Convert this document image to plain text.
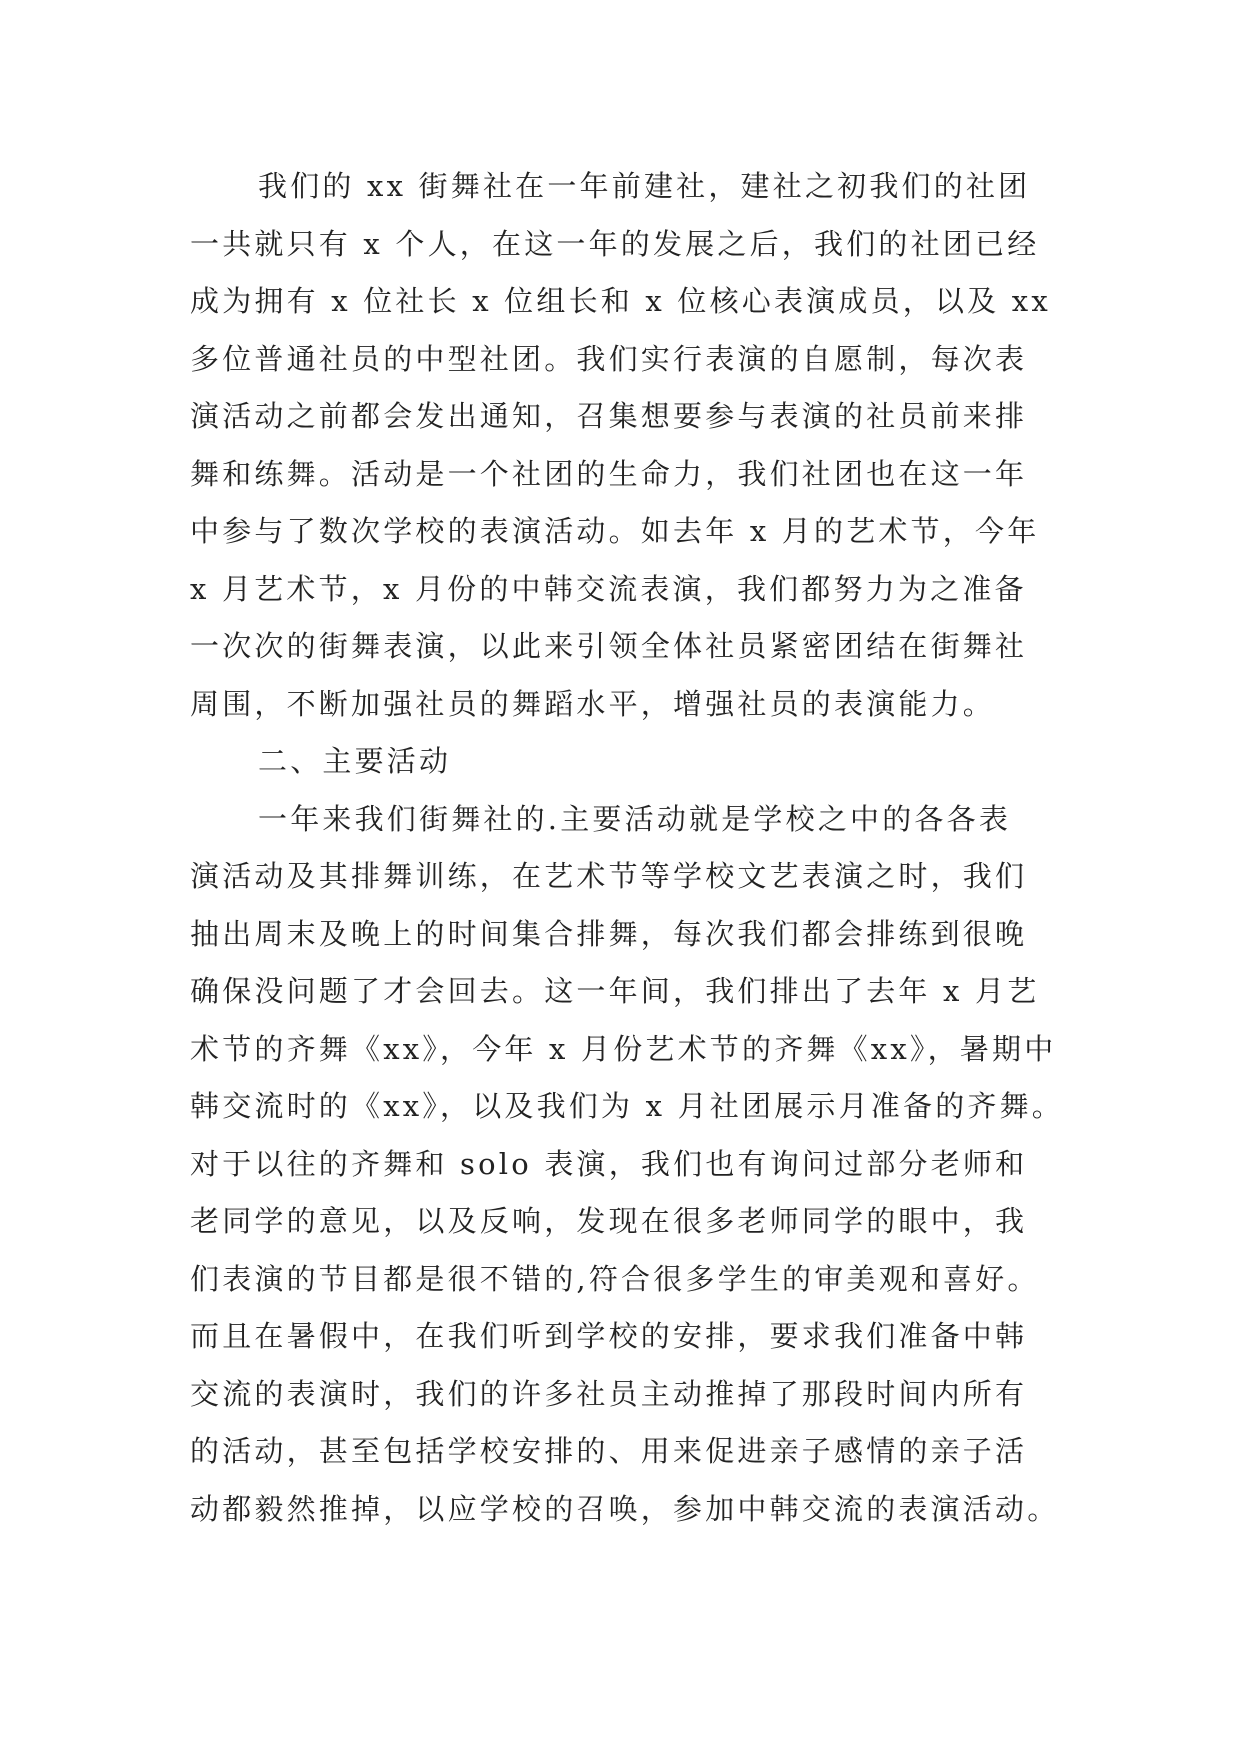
我们的 xx 街舞社在一年前建社，建社之初我们的社团
一共就只有 x 个人，在这一年的发展之后，我们的社团已经
成为拥有 x 位社长 x 位组长和 x 位核心表演成员，以及 xx
多位普通社员的中型社团。我们实行表演的自愿制，每次表
演活动之前都会发出通知，召集想要参与表演的社员前来排
舞和练舞。活动是一个社团的生命力，我们社团也在这一年
中参与了数次学校的表演活动。如去年 x 月的艺术节，今年
x 月艺术节，x 月份的中韩交流表演，我们都努力为之准备
一次次的街舞表演，以此来引领全体社员紧密团结在街舞社
周围，不断加强社员的舞蹈水平，增强社员的表演能力。
二、主要活动
一年来我们街舞社的.主要活动就是学校之中的各各表
演活动及其排舞训练，在艺术节等学校文艺表演之时，我们
抽出周末及晚上的时间集合排舞，每次我们都会排练到很晚
确保没问题了才会回去。这一年间，我们排出了去年 x 月艺
术节的齐舞《xx》，今年 x 月份艺术节的齐舞《xx》，暑期中
韩交流时的《xx》，以及我们为 x 月社团展示月准备的齐舞。
对于以往的齐舞和 solo 表演，我们也有询问过部分老师和
老同学的意见，以及反响，发现在很多老师同学的眼中，我
们表演的节目都是很不错的,符合很多学生的审美观和喜好。
而且在暑假中，在我们听到学校的安排，要求我们准备中韩
交流的表演时，我们的许多社员主动推掉了那段时间内所有
的活动，甚至包括学校安排的、用来促进亲子感情的亲子活
动都毅然推掉，以应学校的召唤，参加中韩交流的表演活动。
